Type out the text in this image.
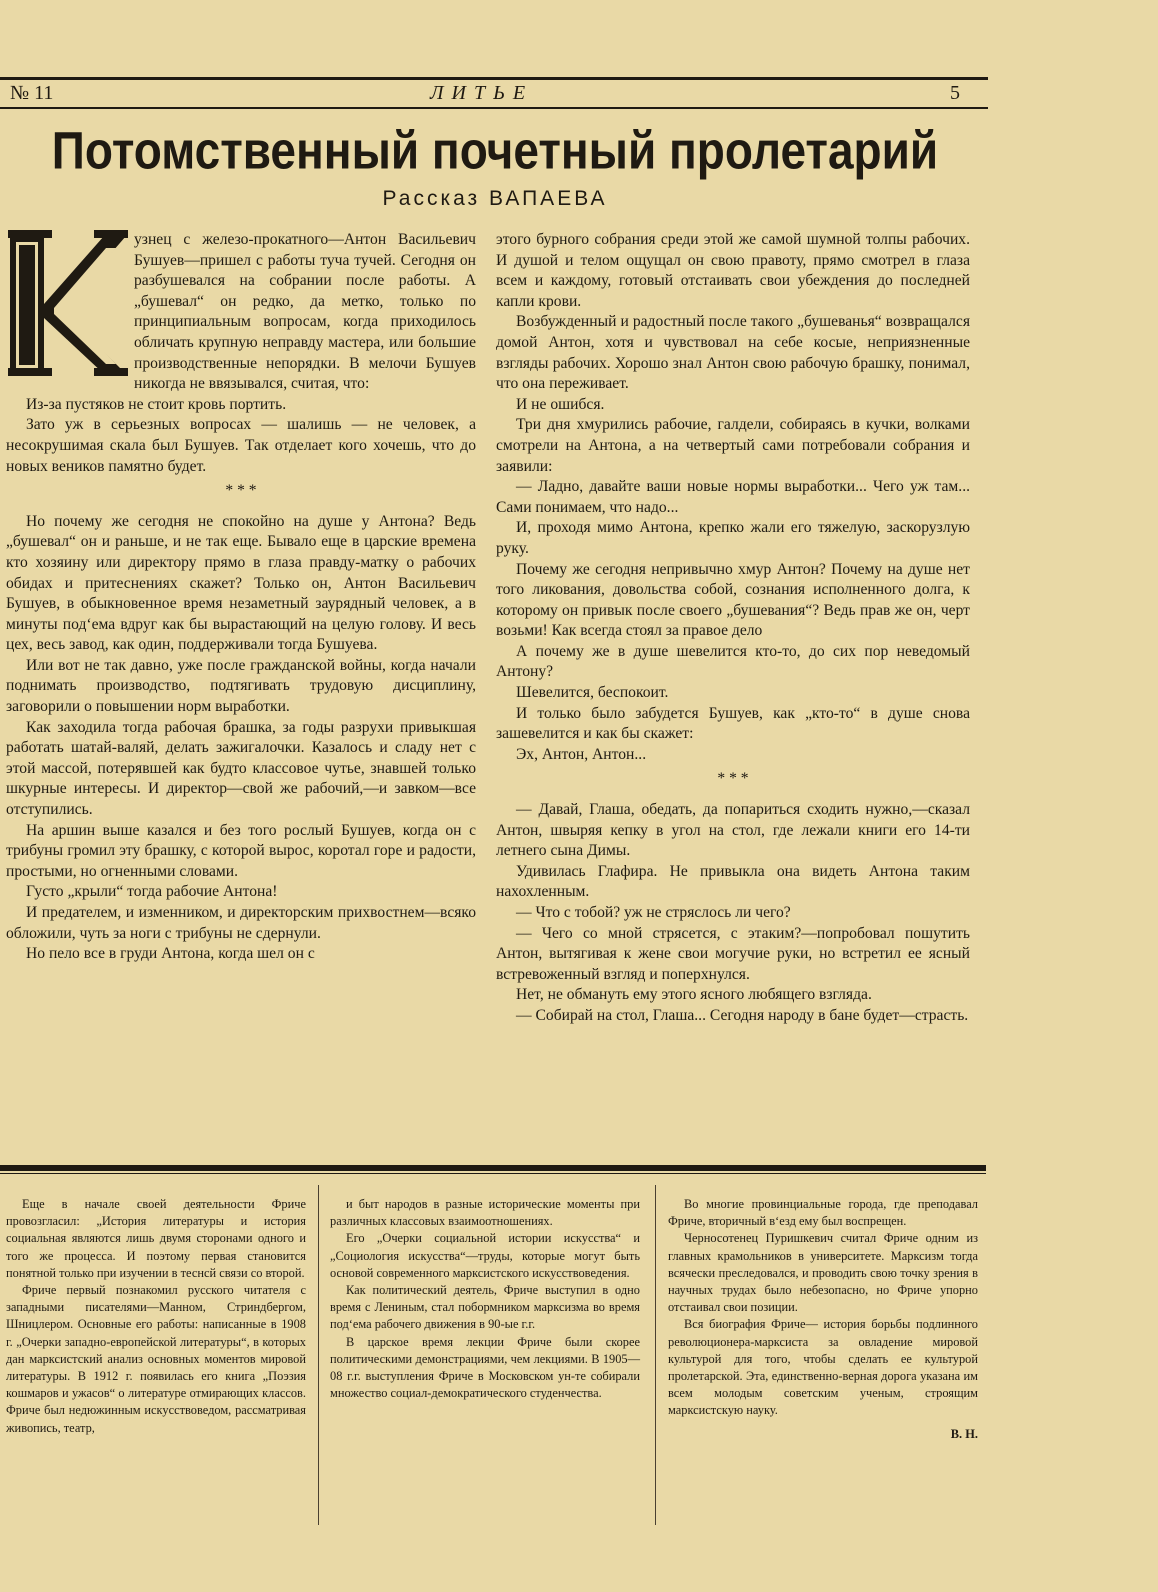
№ 11	ЛИТЬЕ	5
Потомственный почетный пролетарий
Рассказ ВАПАЕВА

узнец с железо-прокатного—Антон Васильевич Бушуев—пришел с работы туча тучей. Сегодня он разбушевался на собрании после работы. А „бушевал“ он редко, да метко, только по принципиальным вопросам, когда приходилось обличать крупную неправду мастера, или большие производственные непорядки. В мелочи Бушуев никогда не ввязывался, считая, что:

Из-за пустяков не стоит кровь портить.

Зато уж в серьезных вопросах — шалишь — не человек, а несокрушимая скала был Бушуев. Так отделает кого хочешь, что до новых веников памятно будет.

* * *

Но почему же сегодня не спокойно на душе у Антона? Ведь „бушевал“ он и раньше, и не так еще. Бывало еще в царские времена кто хозяину или директору прямо в глаза правду-матку о рабочих обидах и притеснениях скажет? Только он, Антон Васильевич Бушуев, в обыкновенное время незаметный заурядный человек, а в минуты под‘ема вдруг как бы вырастающий на целую голову. И весь цех, весь завод, как один, поддерживали тогда Бушуева.

Или вот не так давно, уже после гражданской войны, когда начали поднимать производство, подтягивать трудовую дисциплину, заговорили о повышении норм выработки.

Как заходила тогда рабочая брашка, за годы разрухи привыкшая работать шатай-валяй, делать зажигалочки. Казалось и сладу нет с этой массой, потерявшей как будто классовое чутье, знавшей только шкурные интересы. И директор—свой же рабочий,—и завком—все отступились.

На аршин выше казался и без того рослый Бушуев, когда он с трибуны громил эту брашку, с которой вырос, коротал горе и радости, простыми, но огненными словами.

Густо „крыли“ тогда рабочие Антона!

И предателем, и изменником, и директорским прихвостнем—всяко обложили, чуть за ноги с трибуны не сдернули.

Но пело все в груди Антона, когда шел он с

этого бурного собрания среди этой же самой шумной толпы рабочих. И душой и телом ощущал он свою правоту, прямо смотрел в глаза всем и каждому, готовый отстаивать свои убеждения до последней капли крови.

Возбужденный и радостный после такого „бушеванья“ возвращался домой Антон, хотя и чувствовал на себе косые, неприязненные взгляды рабочих. Хорошо знал Антон свою рабочую брашку, понимал, что она переживает.

И не ошибся.

Три дня хмурились рабочие, галдели, собираясь в кучки, волками смотрели на Антона, а на четвертый сами потребовали собрания и заявили:

— Ладно, давайте ваши новые нормы выработки... Чего уж там... Сами понимаем, что надо...

И, проходя мимо Антона, крепко жали его тяжелую, заскорузлую руку.

Почему же сегодня непривычно хмур Антон? Почему на душе нет того ликования, довольства собой, сознания исполненного долга, к которому он привык после своего „бушевания“? Ведь прав же он, черт возьми! Как всегда стоял за правое дело

А почему же в душе шевелится кто-то, до сих пор неведомый Антону?

Шевелится, беспокоит.

И только было забудется Бушуев, как „кто-то“ в душе снова зашевелится и как бы скажет:

Эх, Антон, Антон...

* * *

— Давай, Глаша, обедать, да попариться сходить нужно,—сказал Антон, швыряя кепку в угол на стол, где лежали книги его 14-ти летнего сына Димы.

Удивилась Глафира. Не привыкла она видеть Антона таким нахохленным.

— Что с тобой? уж не стряслось ли чего?

— Чего со мной стрясется, с этаким?—попробовал пошутить Антон, вытягивая к жене свои могучие руки, но встретил ее ясный встревоженный взгляд и поперхнулся.

Нет, не обмануть ему этого ясного любящего взгляда.

— Собирай на стол, Глаша... Сегодня народу в бане будет—страсть.

Еще в начале своей деятельности Фриче провозгласил: „История литературы и история социальная являются лишь двумя сторонами одного и того же процесса. И поэтому первая становится понятной только при изучении в теснсй связи со второй.

Фриче первый познакомил русского читателя с западными писателями—Манном, Стриндбергом, Шницлером. Основные его работы: написанные в 1908 г. „Очерки западно-европейской литературы“, в которых дан марксистский анализ основных моментов мировой литературы. В 1912 г. появилась его книга „Поэзия кошмаров и ужасов“ о литературе отмирающих классов. Фриче был недюжинным искусствоведом, рассматривая живопись, театр,

и быт народов в разные исторические моменты при различных классовых взаимоотношениях.

Его „Очерки социальной истории искусства“ и „Социология искусства“—труды, которые могут быть основой современного марксистского искусствоведения.

Как политический деятель, Фриче выступил в одно время с Лениным, стал побормником марксизма во время под‘ема рабочего движения в 90-ые г.г.

В царское время лекции Фриче были скорее политическими демонстрациями, чем лекциями. В 1905—08 г.г. выступления Фриче в Московском ун-те собирали множество социал-демократического студенчества.

Во многие провинциальные города, где преподавал Фриче, вторичный в‘езд ему был воспрещен.

Черносотенец Пуришкевич считал Фриче одним из главных крамольников в университете. Марксизм тогда всячески преследовался, и проводить свою точку зрения в научных трудах было небезопасно, но Фриче упорно отстаивал свои позиции.

Вся биография Фриче— история борьбы подлинного революционера-марксиста за овладение мировой культурой для того, чтобы сделать ее культурой пролетарской. Эта, единственно-верная дорога указана им всем молодым советским ученым, строящим марксистскую науку.

В. Н.
